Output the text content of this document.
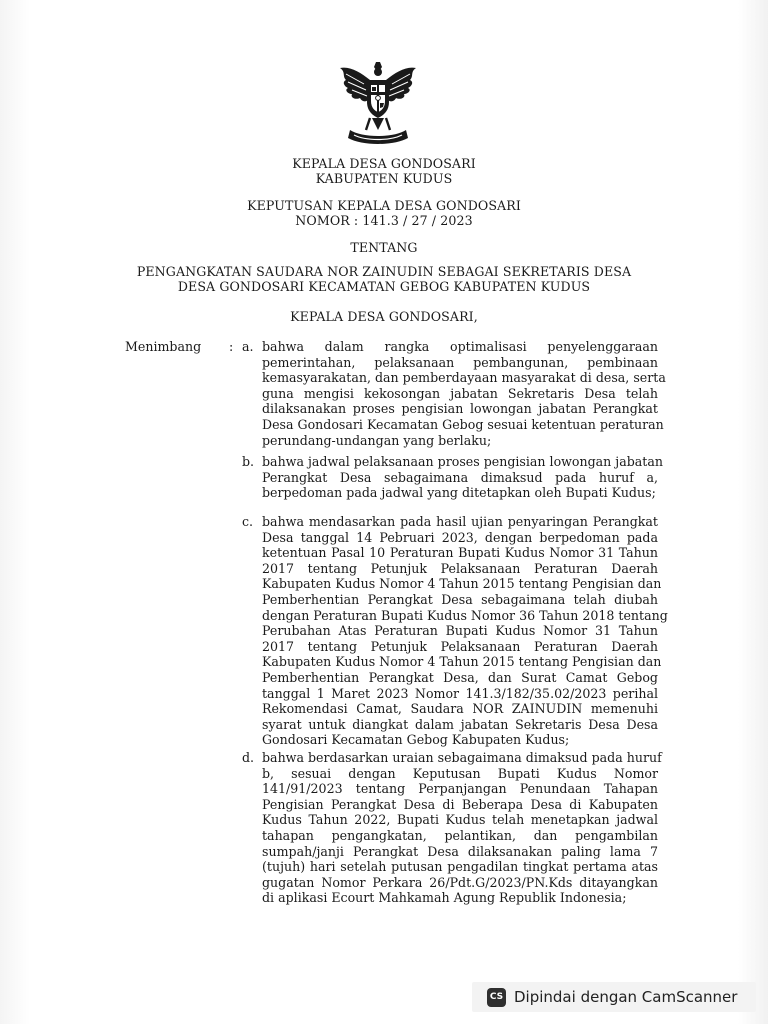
KEPALA DESA GONDOSARI
KABUPATEN KUDUS
KEPUTUSAN KEPALA DESA GONDOSARI
NOMOR : 141.3 / 27 / 2023
TENTANG
PENGANGKATAN SAUDARA NOR ZAINUDIN SEBAGAI SEKRETARIS DESA
DESA GONDOSARI KECAMATAN GEBOG KABUPATEN KUDUS
KEPALA DESA GONDOSARI,
Menimbang : a. bahwa dalam rangka optimalisasi penyelenggaraan
pemerintahan, pelaksanaan pembangunan, pembinaan
kemasyarakatan, dan pemberdayaan masyarakat di desa, serta
guna mengisi kekosongan jabatan Sekretaris Desa telah
dilaksanakan proses pengisian lowongan jabatan Perangkat
Desa Gondosari Kecamatan Gebog sesuai ketentuan peraturan
perundang-undangan yang berlaku;
b. bahwa jadwal pelaksanaan proses pengisian lowongan jabatan
Perangkat Desa sebagaimana dimaksud pada huruf a,
berpedoman pada jadwal yang ditetapkan oleh Bupati Kudus;
c. bahwa mendasarkan pada hasil ujian penyaringan Perangkat
Desa tanggal 14 Pebruari 2023, dengan berpedoman pada
ketentuan Pasal 10 Peraturan Bupati Kudus Nomor 31 Tahun
2017 tentang Petunjuk Pelaksanaan Peraturan Daerah
Kabupaten Kudus Nomor 4 Tahun 2015 tentang Pengisian dan
Pemberhentian Perangkat Desa sebagaimana telah diubah
dengan Peraturan Bupati Kudus Nomor 36 Tahun 2018 tentang
Perubahan Atas Peraturan Bupati Kudus Nomor 31 Tahun
2017 tentang Petunjuk Pelaksanaan Peraturan Daerah
Kabupaten Kudus Nomor 4 Tahun 2015 tentang Pengisian dan
Pemberhentian Perangkat Desa, dan Surat Camat Gebog
tanggal 1 Maret 2023 Nomor 141.3/182/35.02/2023 perihal
Rekomendasi Camat, Saudara NOR ZAINUDIN memenuhi
syarat untuk diangkat dalam jabatan Sekretaris Desa Desa
Gondosari Kecamatan Gebog Kabupaten Kudus;
d. bahwa berdasarkan uraian sebagaimana dimaksud pada huruf
b, sesuai dengan Keputusan Bupati Kudus Nomor
141/91/2023 tentang Perpanjangan Penundaan Tahapan
Pengisian Perangkat Desa di Beberapa Desa di Kabupaten
Kudus Tahun 2022, Bupati Kudus telah menetapkan jadwal
tahapan pengangkatan, pelantikan, dan pengambilan
sumpah/janji Perangkat Desa dilaksanakan paling lama 7
(tujuh) hari setelah putusan pengadilan tingkat pertama atas
gugatan Nomor Perkara 26/Pdt.G/2023/PN.Kds ditayangkan
di aplikasi Ecourt Mahkamah Agung Republik Indonesia;
CS Dipindai dengan CamScanner
